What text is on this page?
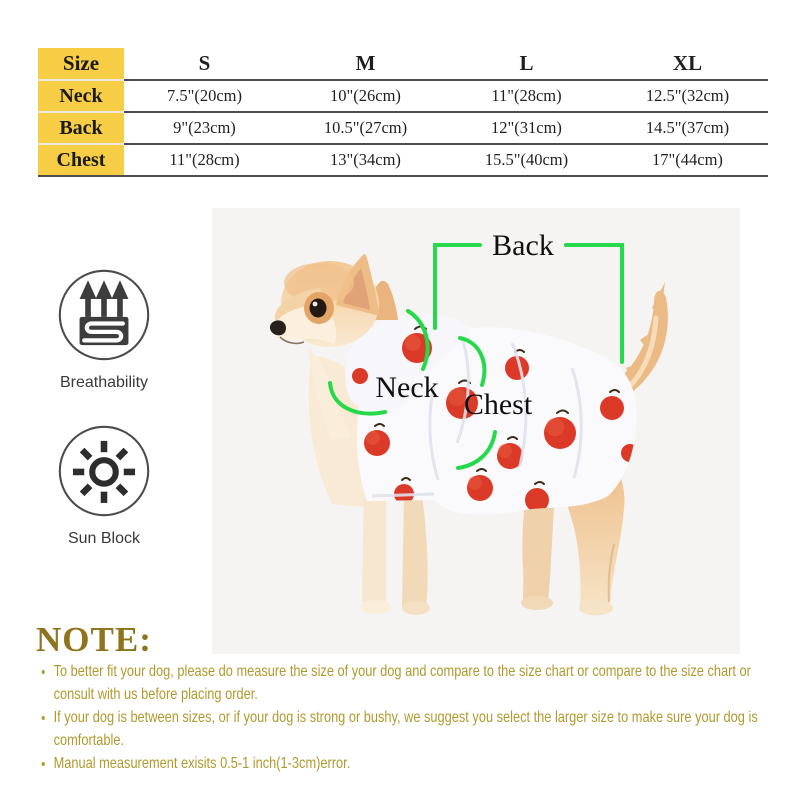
Size	S	M	L	XL
Neck	7.5"(20cm)	10"(26cm)	11"(28cm)	12.5"(32cm)
Back	9"(23cm)	10.5"(27cm)	12"(31cm)	14.5"(37cm)
Chest	11"(28cm)	13"(34cm)	15.5"(40cm)	17"(44cm)
Breathability
Sun Block
Back
Neck
Chest
NOTE:
• To better fit your dog, please do measure the size of your dog and compare to the size chart or compare to the size chart or consult with us before placing order.
• If your dog is between sizes, or if your dog is strong or bushy, we suggest you select the larger size to make sure your dog is comfortable.
• Manual measurement exisits 0.5-1 inch(1-3cm)error.
